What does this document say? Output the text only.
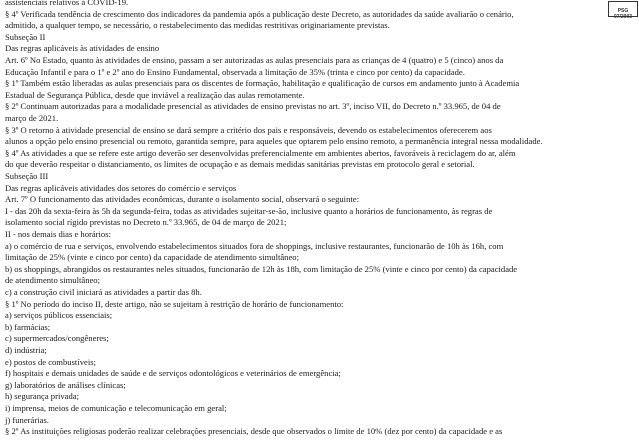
PSG 07/2003
assistenciais relativos à COVID-19.
§ 4º Verificada tendência de crescimento dos indicadores da pandemia após a publicação deste Decreto, as autoridades da saúde avaliarão o cenário,
admitido, a qualquer tempo, se necessário, o restabelecimento das medidas restritivas originariamente previstas.
Subseção II
Das regras aplicáveis às atividades de ensino
Art. 6º No Estado, quanto às atividades de ensino, passam a ser autorizadas as aulas presenciais para as crianças de 4 (quatro) e 5 (cinco) anos da
Educação Infantil e para o 1º e 2º ano do Ensino Fundamental, observada a limitação de 35% (trinta e cinco por cento) da capacidade.
§ 1º Também estão liberadas as aulas presenciais para os discentes de formação, habilitação e qualificação de cursos em andamento junto à Academia
Estadual de Segurança Pública, desde que inviável a realização das aulas remotamente.
§ 2º Continuam autorizadas para a modalidade presencial as atividades de ensino previstas no art. 3º, inciso VII, do Decreto n.º 33.965, de 04 de
março de 2021.
§ 3º O retorno à atividade presencial de ensino se dará sempre a critério dos pais e responsáveis, devendo os estabelecimentos oferecerem aos
alunos a opção pelo ensino presencial ou remoto, garantida sempre, para aqueles que optarem pelo ensino remoto, a permanência integral nessa modalidade.
§ 4º As atividades a que se refere este artigo deverão ser desenvolvidas preferencialmente em ambientes abertos, favoráveis à reciclagem do ar, além
do que deverão respeitar o distanciamento, os limites de ocupação e as demais medidas sanitárias previstas em protocolo geral e setorial.
Subseção III
Das regras aplicáveis atividades dos setores do comércio e serviços
Art. 7º O funcionamento das atividades econômicas, durante o isolamento social, observará o seguinte:
I - das 20h da sexta-feira às 5h da segunda-feira, todas as atividades sujeitar-se-ão, inclusive quanto a horários de funcionamento, às regras de
isolamento social rígido previstas no Decreto n.º 33.965, de 04 de março de 2021;
II - nos demais dias e horários:
a) o comércio de rua e serviços, envolvendo estabelecimentos situados fora de shoppings, inclusive restaurantes, funcionarão de 10h às 16h, com
limitação de 25% (vinte e cinco por cento) da capacidade de atendimento simultâneo;
b) os shoppings, abrangidos os restaurantes neles situados, funcionarão de 12h às 18h, com limitação de 25% (vinte e cinco por cento) da capacidade
de atendimento simultâneo;
c) a construção civil iniciará as atividades a partir das 8h.
§ 1º No período do inciso II, deste artigo, não se sujeitam à restrição de horário de funcionamento:
a) serviços públicos essenciais;
b) farmácias;
c) supermercados/congêneres;
d) indústria;
e) postos de combustíveis;
f) hospitais e demais unidades de saúde e de serviços odontológicos e veterinários de emergência;
g) laboratórios de análises clínicas;
h) segurança privada;
i) imprensa, meios de comunicação e telecomunicação em geral;
j) funerárias.
§ 2º As instituições religiosas poderão realizar celebrações presenciais, desde que observados o limite de 10% (dez por cento) da capacidade e as
